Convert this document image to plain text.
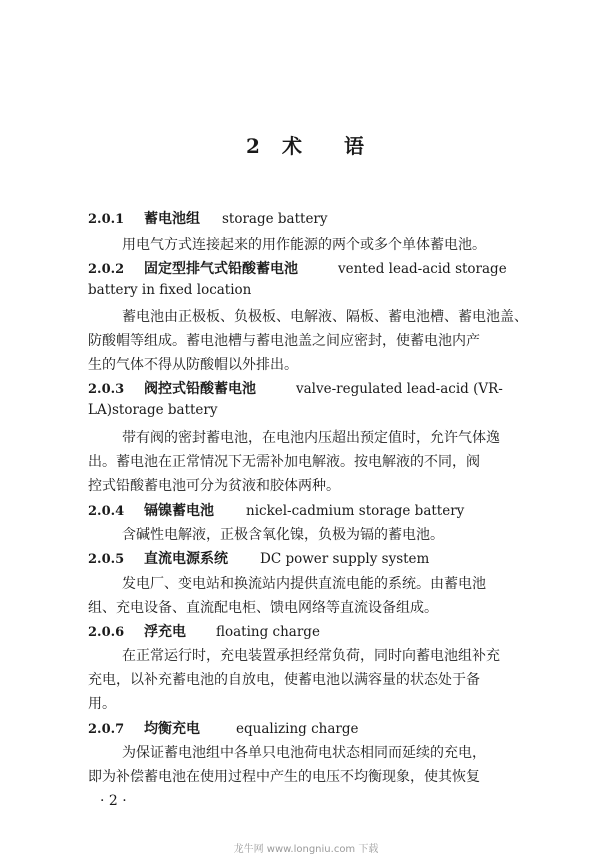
2 术 语
2.0.1 蓄电池组 storage battery
用电气方式连接起来的用作能源的两个或多个单体蓄电池。
2.0.2 固定型排气式铅酸蓄电池	vented lead-acid storage
battery in fixed location
蓄电池由正极板、负极板、电解液、隔板、蓄电池槽、蓄电池盖、
防酸帽等组成。蓄电池槽与蓄电池盖之间应密封，使蓄电池内产
生的气体不得从防酸帽以外排出。
2.0.3 阀控式铅酸蓄电池	valve-regulated lead-acid (VR-
LA)storage battery
带有阀的密封蓄电池，在电池内压超出预定值时，允许气体逸
出。蓄电池在正常情况下无需补加电解液。按电解液的不同，阀
控式铅酸蓄电池可分为贫液和胶体两种。
2.0.4 镉镍蓄电池 nickel-cadmium storage battery
含碱性电解液，正极含氧化镍，负极为镉的蓄电池。
2.0.5 直流电源系统 DC power supply system
发电厂、变电站和换流站内提供直流电能的系统。由蓄电池
组、充电设备、直流配电柜、馈电网络等直流设备组成。
2.0.6 浮充电 floating charge
在正常运行时，充电装置承担经常负荷，同时向蓄电池组补充
充电，以补充蓄电池的自放电，使蓄电池以满容量的状态处于备
用。
2.0.7 均衡充电	equalizing charge
为保证蓄电池组中各单只电池荷电状态相同而延续的充电，
即为补偿蓄电池在使用过程中产生的电压不均衡现象，使其恢复
· 2 ·
龙牛网 www.longniu.com 下载
